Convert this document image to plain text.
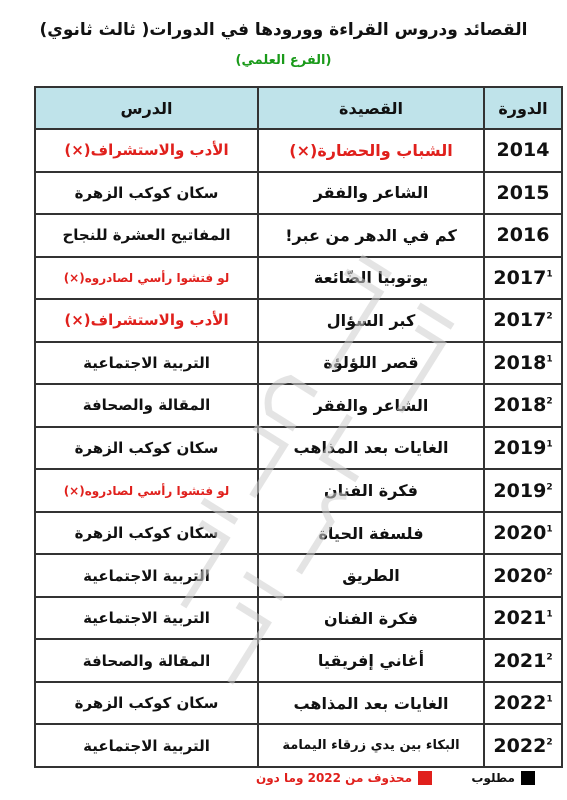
القصائد ودروس القراءة وورودها في الدورات( ثالث ثانوي)
(الفرع العلمي)
الدورة	القصيدة	الدرس
2014	الشباب والحضارة(×)	الأدب والاستشراف(×)
2015	الشاعر والفقر	سكان كوكب الزهرة
2016	كم في الدهر من عبر!	المفاتيح العشرة للنجاح
2017$^1$	يوتوبيا الضّائعة	لو فتشوا رأسي لصادروه(×)
2017$^2$	كبر السؤال	الأدب والاستشراف(×)
2018$^1$	قصر اللؤلؤة	التربية الاجتماعية
2018$^2$	الشاعر والفقر	المقالة والصحافة
2019$^1$	الغايات بعد المذاهب	سكان كوكب الزهرة
2019$^2$	فكرة الفنان	لو فتشوا رأسي لصادروه(×)
2020$^1$	فلسفة الحياة	سكان كوكب الزهرة
2020$^2$	الطريق	التربية الاجتماعية
2021$^1$	فكرة الفنان	التربية الاجتماعية
2021$^2$	أغاني إفريقيا	المقالة والصحافة
2022$^1$	الغايات بعد المذاهب	سكان كوكب الزهرة
2022$^2$	البكاء بين يدي زرقاء اليمامة	التربية الاجتماعية
مطلوب
محذوف من 2022 وما دون
